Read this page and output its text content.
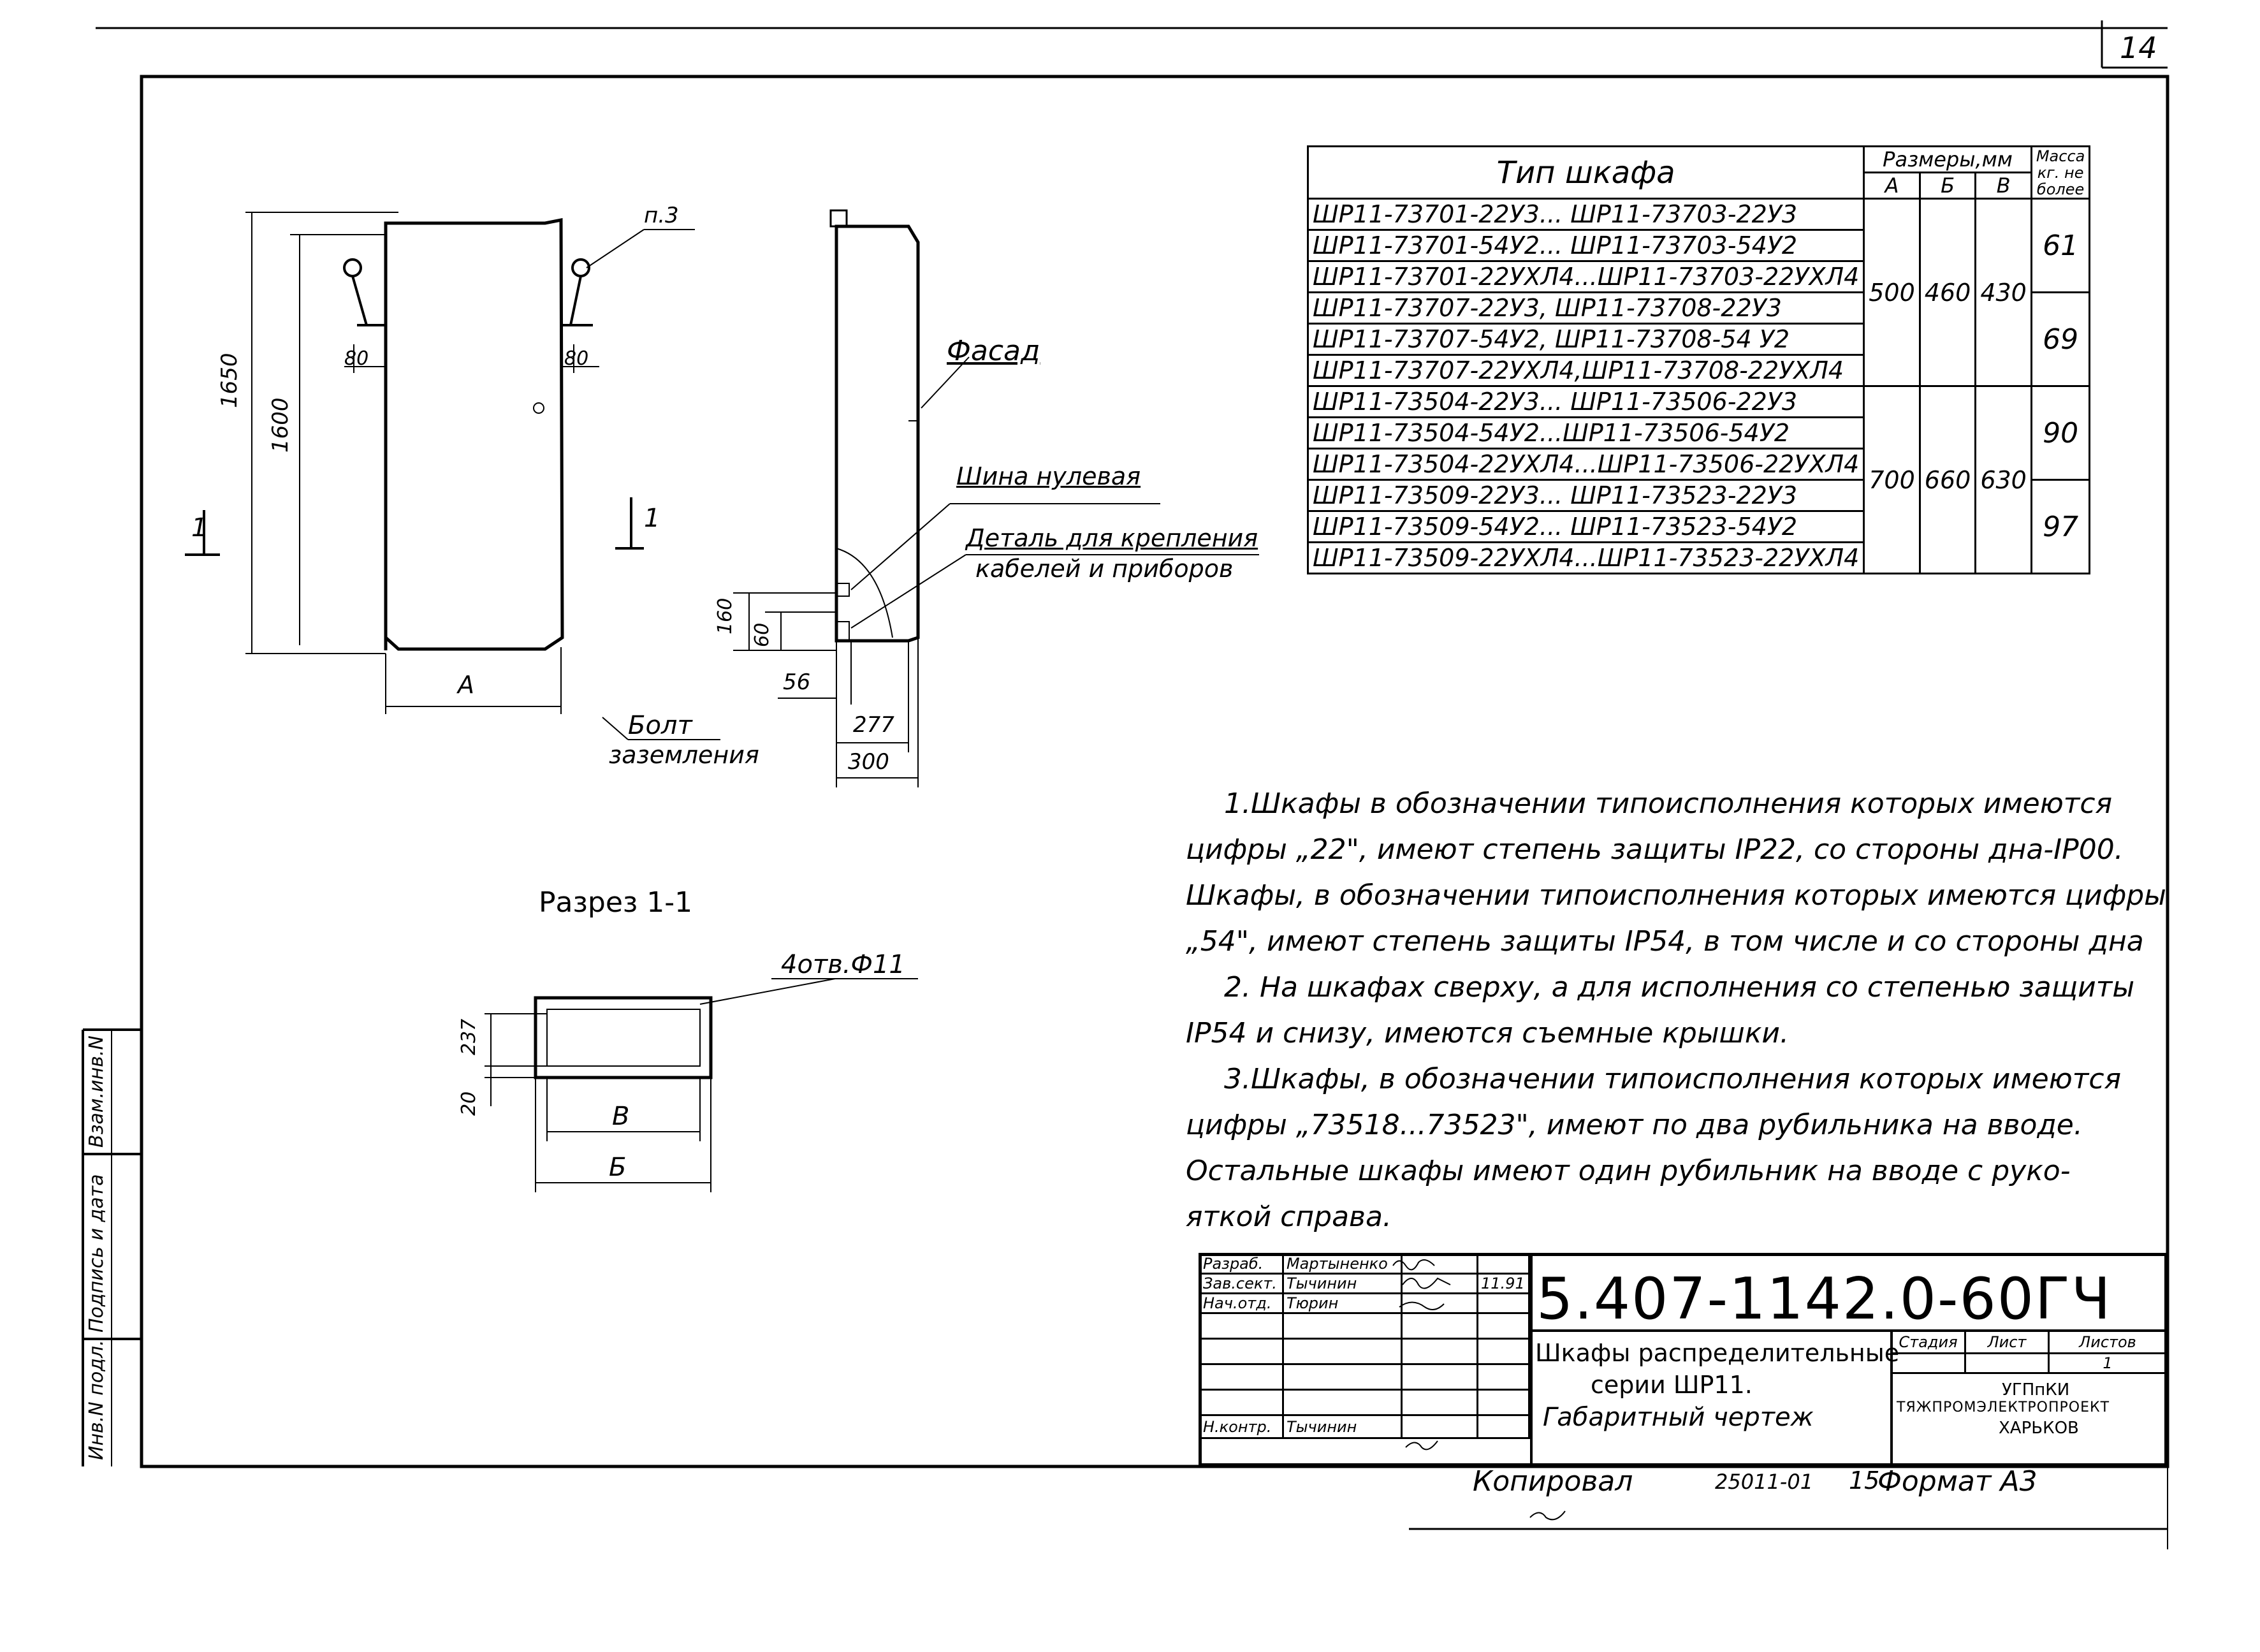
14
1650
1600
80	80
п.3
А
1	1
Фасад
Шина нулевая
Деталь для крепления
кабелей и приборов
160
60
56
277
300
Болт
заземления
Разрез 1-1
4отв.Ф11
237
20	В
Б
Тип шкафа	Размеры,мм			Масса кг. не более
	А	Б	В	
ШР11-73701-22У3... ШР11-73703-22У3	500	460	430	61
ШР11-73701-54У2... ШР11-73703-54У2				
ШР11-73701-22УХЛ4...ШР11-73703-22УХЛ4				
ШР11-73707-22У3, ШР11-73708-22У3				69
ШР11-73707-54У2, ШР11-73708-54 У2				
ШР11-73707-22УХЛ4,ШР11-73708-22УХЛ4				
ШР11-73504-22У3... ШР11-73506-22У3	700	660	630	90
ШР11-73504-54У2...ШР11-73506-54У2				
ШР11-73504-22УХЛ4...ШР11-73506-22УХЛ4				
ШР11-73509-22У3... ШР11-73523-22У3				97
ШР11-73509-54У2... ШР11-73523-54У2				
ШР11-73509-22УХЛ4...ШР11-73523-22УХЛ4				

1.Шкафы в обозначении типоисполнения которых имеются

цифры „22", имеют степень защиты IP22, со стороны дна-IP00.

Шкафы, в обозначении типоисполнения которых имеются цифры

„54", имеют степень защиты IP54, в том числе и со стороны дна

2. На шкафах сверху, а для исполнения со степенью защиты

IP54 и снизу, имеются съемные крышки.

3.Шкафы, в обозначении типоисполнения которых имеются

цифры „73518...73523", имеют по два рубильника на вводе.

Остальные шкафы имеют один рубильник на вводе с руко-

яткой справа.

Разраб.	Мартыненко		
Зав.сект.	Тычинин		11.91
Нач.отд.	Тюрин		

Н.контр.	Тычинин		
5.407-1142.0-60ГЧ
Шкафы распределительные
серии ШР11.
Габаритный чертеж
Стадия	Лист	Листов
		1
УГПпКИ
ТЯЖПРОМЭЛЕКТРОПРОЕКТ
ХАРЬКОВ
Копировал	25011-01 15
Формат А3
Инв.N подл.
Подпись и дата
Взам.инв.N
